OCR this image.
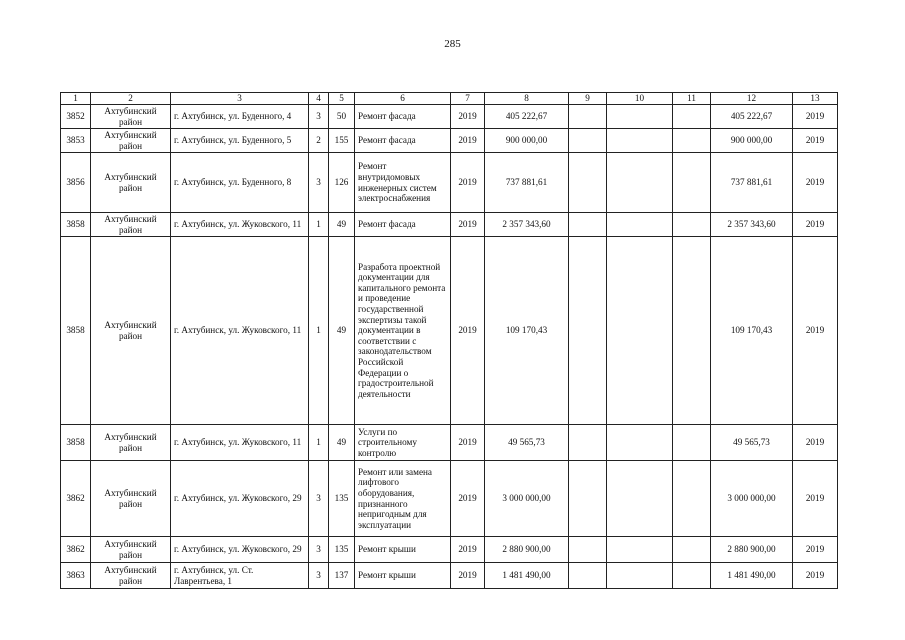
285
1	2	3	4	5	6	7	8	9	10	11	12	13
3852	Ахтубинский район	г. Ахтубинск, ул. Буденного, 4	3	50	Ремонт фасада	2019	405 222,67				405 222,67	2019
3853	Ахтубинский район	г. Ахтубинск, ул. Буденного, 5	2	155	Ремонт фасада	2019	900 000,00				900 000,00	2019
3856	Ахтубинский район	г. Ахтубинск, ул. Буденного, 8	3	126	Ремонт внутридомовых инженерных систем электроснабжения	2019	737 881,61				737 881,61	2019
3858	Ахтубинский район	г. Ахтубинск, ул. Жуковского, 11	1	49	Ремонт фасада	2019	2 357 343,60				2 357 343,60	2019
3858	Ахтубинский район	г. Ахтубинск, ул. Жуковского, 11	1	49	Разработа проектной документации для капитального ремонта и проведение государственной экспертизы такой документации в соответствии с законодательством Российской Федерации о градостроительной деятельности	2019	109 170,43				109 170,43	2019
3858	Ахтубинский район	г. Ахтубинск, ул. Жуковского, 11	1	49	Услуги по строительному контролю	2019	49 565,73				49 565,73	2019
3862	Ахтубинский район	г. Ахтубинск, ул. Жуковского, 29	3	135	Ремонт или замена лифтового оборудования, признанного непригодным для эксплуатации	2019	3 000 000,00				3 000 000,00	2019
3862	Ахтубинский район	г. Ахтубинск, ул. Жуковского, 29	3	135	Ремонт крыши	2019	2 880 900,00				2 880 900,00	2019
3863	Ахтубинский район	г. Ахтубинск, ул. Ст. Лаврентьева, 1	3	137	Ремонт крыши	2019	1 481 490,00				1 481 490,00	2019
